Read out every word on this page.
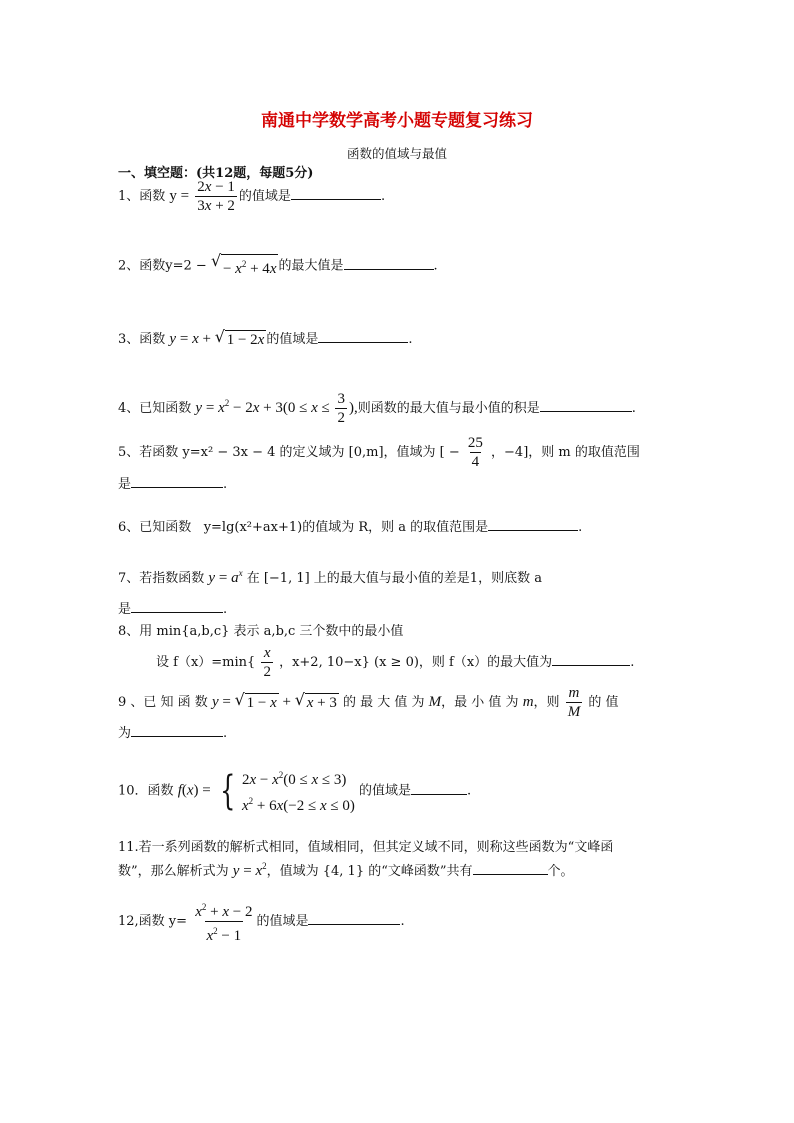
南通中学数学高考小题专题复习练习
函数的值域与最值
一、填空题：(共12题，每题5分)
1、函数 $y = \frac{2x - 1}{3x + 2}$ 的值域是	.
2、函数y=2 − √ − $x^2 + 4x$ 的最大值是	.
3、函数 y = x + √ 1 − 2x 的值域是	.
4、已知函数 $y = x^2 - 2x + 3(0 \le x \le \frac{3}{2}$ ),则函数的最大值与最小值的积是	.
5、若函数 y=x² − 3x − 4 的定义域为 [0,m]，值域为 [ − $\frac{25}{4}$ ，−4]，则 m 的取值范围
是	.
6、已知函数 y=lg(x²+ax+1)的值域为 R，则 a 的取值范围是	.
7、若指数函数 $y = a^x$ 在 [−1, 1] 上的最大值与最小值的差是1，则底数 a
是	.
8、用 min{a,b,c} 表示 a,b,c 三个数中的最小值
设 $f(x)=\min\{ \frac{x}{2}$ ，x+2, 10−x} (x ≥ 0)，则 f（x）的最大值为	.
9 、已 知 函 数 y = √ 1 − x + √ x + 3 的 最 大 值 为 M，最 小 值 为 m，则 $\frac{m}{M}$ 的 值
为	.
10．函数 f(x) = { $2x - x^2(0 \le x \le 3)$
$x^2 + 6x(-2 \le x \le 0)$
的值域是	.
11.若一系列函数的解析式相同，值域相同，但其定义域不同，则称这些函数为“文峰函
数”，那么解析式为 $y = x^2$，值域为 {4, 1} 的“文峰函数”共有	个。
12,函数 $y= \frac{x^2 + x - 2}{x^2 - 1}$ 的值域是	.
